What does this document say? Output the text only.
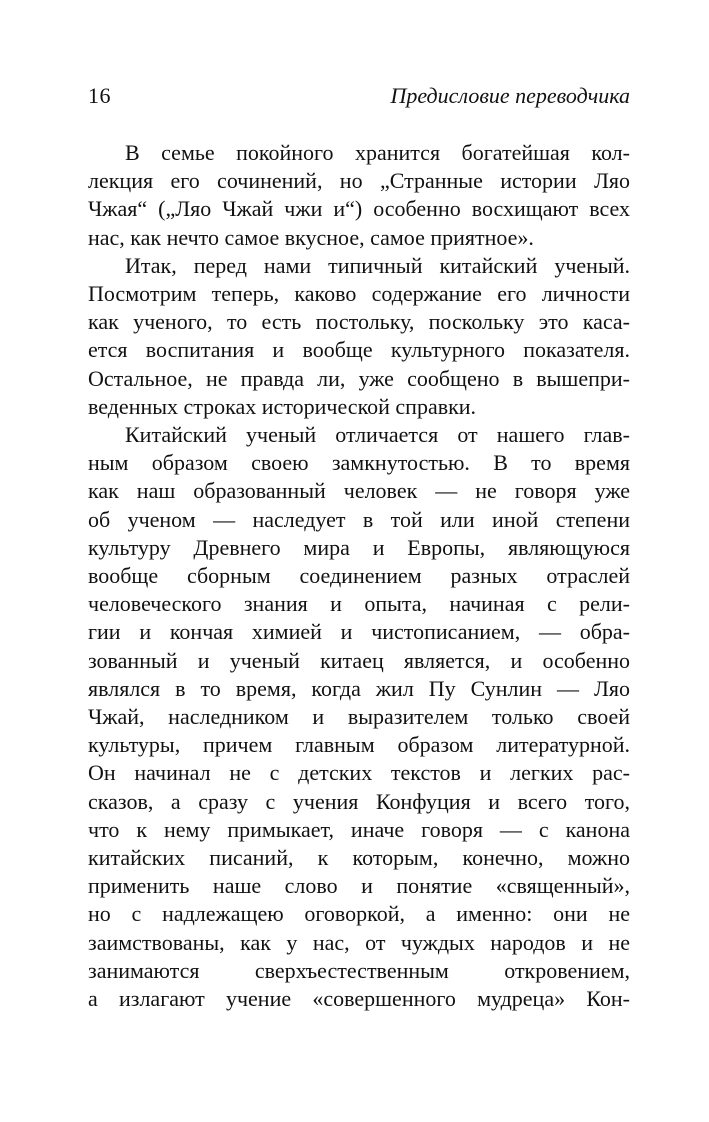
16	Предисловие переводчика
В семье покойного хранится богатейшая кол-
лекция его сочинений, но „Странные истории Ляо
Чжая“ („Ляо Чжай чжи и“) особенно восхищают всех
нас, как нечто самое вкусное, самое приятное».
Итак, перед нами типичный китайский ученый.
Посмотрим теперь, каково содержание его личности
как ученого, то есть постольку, поскольку это каса-
ется воспитания и вообще культурного показателя.
Остальное, не правда ли, уже сообщено в вышепри-
веденных строках исторической справки.
Китайский ученый отличается от нашего глав-
ным образом своею замкнутостью. В то время
как наш образованный человек — не говоря уже
об ученом — наследует в той или иной степени
культуру Древнего мира и Европы, являющуюся
вообще сборным соединением разных отраслей
человеческого знания и опыта, начиная с рели-
гии и кончая химией и чистописанием, — обра-
зованный и ученый китаец является, и особенно
являлся в то время, когда жил Пу Сунлин — Ляо
Чжай, наследником и выразителем только своей
культуры, причем главным образом литературной.
Он начинал не с детских текстов и легких рас-
сказов, а сразу с учения Конфуция и всего того,
что к нему примыкает, иначе говоря — с канона
китайских писаний, к которым, конечно, можно
применить наше слово и понятие «священный»,
но с надлежащею оговоркой, а именно: они не
заимствованы, как у нас, от чуждых народов и не
занимаются сверхъестественным откровением,
а излагают учение «совершенного мудреца» Кон-
